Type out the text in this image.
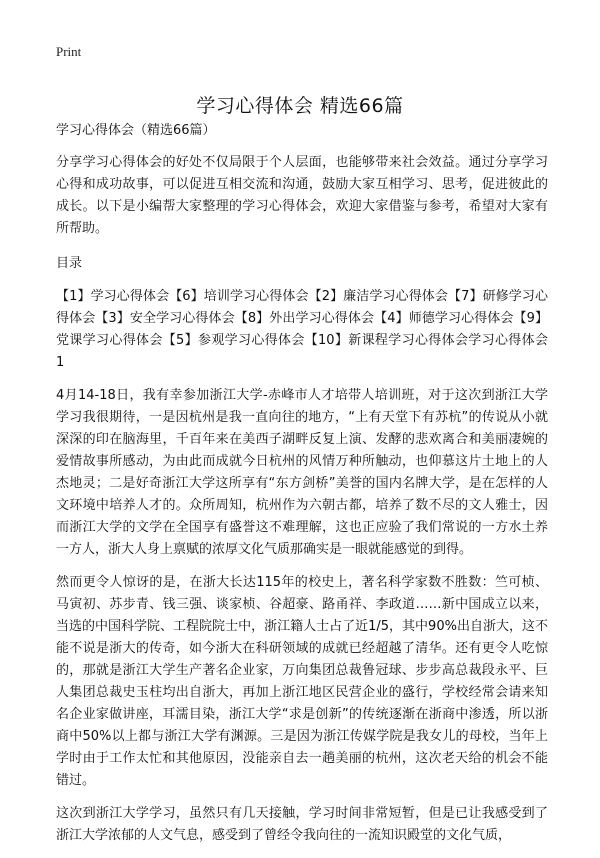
Print
学习心得体会 精选66篇

学习心得体会（精选66篇）

分享学习心得体会的好处不仅局限于个人层面，也能够带来社会效益。通过分享学习心得和成功故事，可以促进互相交流和沟通，鼓励大家互相学习、思考，促进彼此的成长。以下是小编帮大家整理的学习心得体会，欢迎大家借鉴与参考，希望对大家有所帮助。

目录

【1】学习心得体会【6】培训学习心得体会【2】廉洁学习心得体会【7】研修学习心得体会【3】安全学习心得体会【8】外出学习心得体会【4】师德学习心得体会【9】党课学习心得体会【5】参观学习心得体会【10】新课程学习心得体会学习心得体会 1

4月14-18日，我有幸参加浙江大学-赤峰市人才培带人培训班，对于这次到浙江大学学习我很期待，一是因杭州是我一直向往的地方，“上有天堂下有苏杭”的传说从小就深深的印在脑海里，千百年来在美西子湖畔反复上演、发酵的悲欢离合和美丽凄婉的爱情故事所感动，为由此而成就今日杭州的风情万种所触动，也仰慕这片土地上的人杰地灵；二是好奇浙江大学这所享有“东方剑桥”美誉的国内名牌大学，是在怎样的人文环境中培养人才的。众所周知，杭州作为六朝古都，培养了数不尽的文人雅士，因而浙江大学的文学在全国享有盛誉这不难理解，这也正应验了我们常说的一方水土养一方人，浙大人身上禀赋的浓厚文化气质那确实是一眼就能感觉的到得。

然而更令人惊讶的是，在浙大长达115年的校史上，著名科学家数不胜数：竺可桢、马寅初、苏步青、钱三强、谈家桢、谷超豪、路甬祥、李政道……新中国成立以来，当选的中国科学院、工程院院士中，浙江籍人士占了近1/5，其中90%出自浙大，这不能不说是浙大的传奇，如今浙大在科研领域的成就已经超越了清华。还有更令人吃惊的，那就是浙江大学生产著名企业家，万向集团总裁鲁冠球、步步高总裁段永平、巨人集团总裁史玉柱均出自浙大，再加上浙江地区民营企业的盛行，学校经常会请来知名企业家做讲座，耳濡目染，浙江大学“求是创新”的传统逐渐在浙商中渗透，所以浙商中50%以上都与浙江大学有渊源。三是因为浙江传媒学院是我女儿的母校，当年上学时由于工作太忙和其他原因，没能亲自去一趟美丽的杭州，这次老天给的机会不能错过。

这次到浙江大学学习，虽然只有几天接触，学习时间非常短暂，但是已让我感受到了浙江大学浓郁的人文气息，感受到了曾经令我向往的一流知识殿堂的文化气质，
